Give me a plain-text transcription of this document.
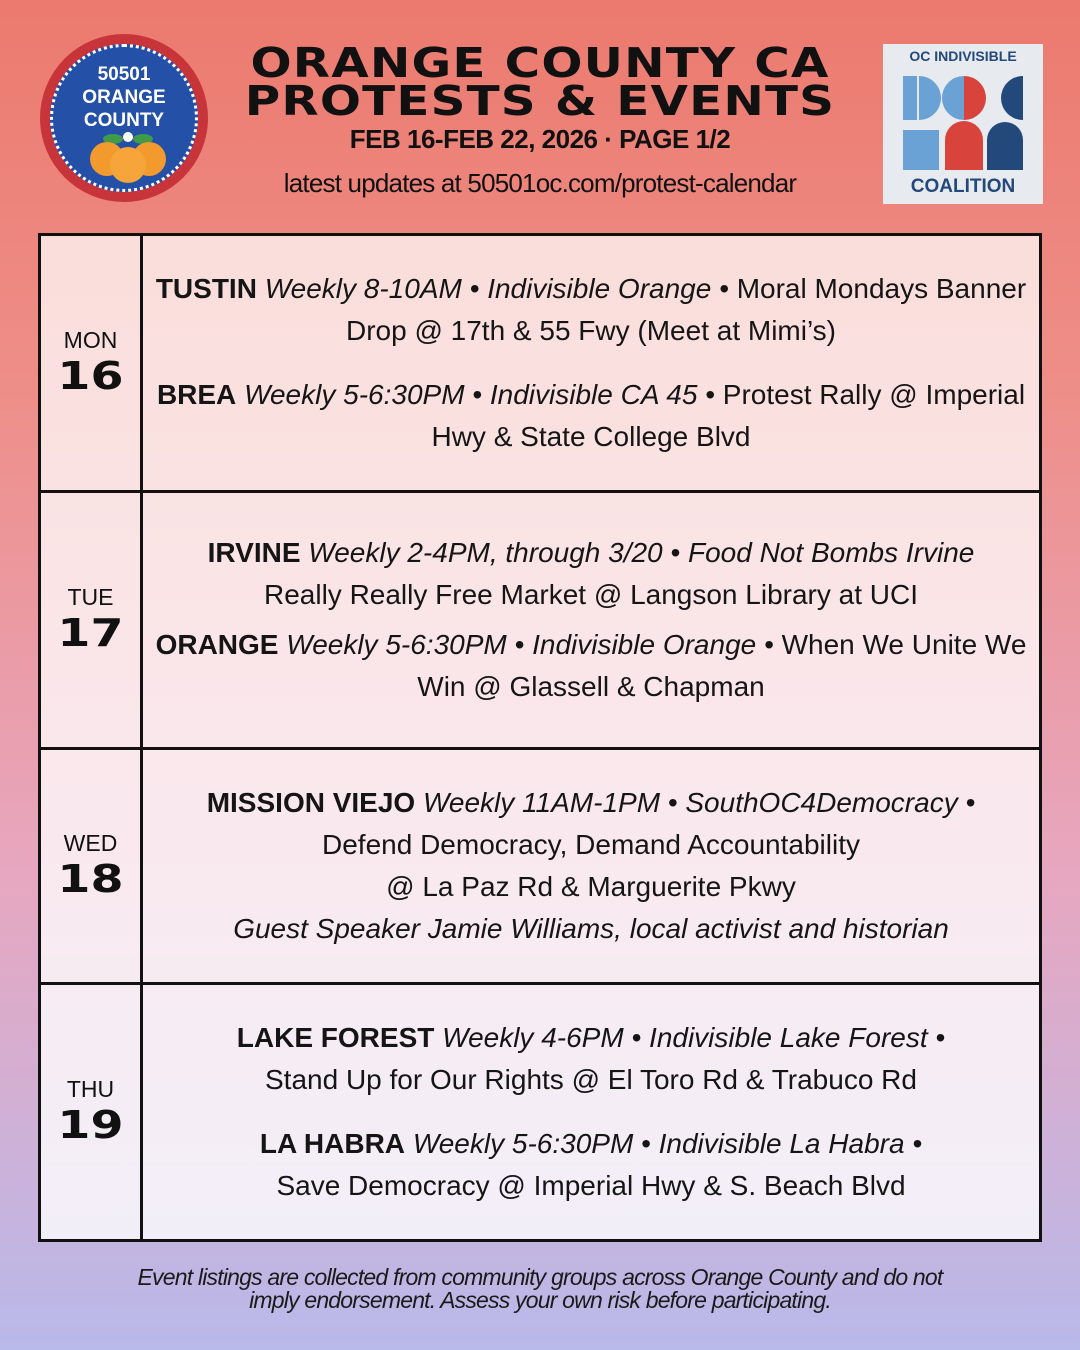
50501
ORANGE
COUNTY
ORANGE COUNTY CA
PROTESTS & EVENTS
FEB 16-FEB 22, 2026 · PAGE 1/2
latest updates at 50501oc.com/protest-calendar
OC INDIVISIBLE
COALITION
MON
16
TUSTIN Weekly 8-10AM • Indivisible Orange • Moral Mondays Banner Drop @ 17th & 55 Fwy (Meet at Mimi’s)
BREA Weekly 5-6:30PM • Indivisible CA 45 • Protest Rally @ Imperial Hwy & State College Blvd
TUE
17
IRVINE Weekly 2-4PM, through 3/20 • Food Not Bombs Irvine
Really Really Free Market @ Langson Library at UCI
ORANGE Weekly 5-6:30PM • Indivisible Orange • When We Unite We Win @ Glassell & Chapman
WED
18
MISSION VIEJO Weekly 11AM-1PM • SouthOC4Democracy •
Defend Democracy, Demand Accountability
@ La Paz Rd & Marguerite Pkwy
Guest Speaker Jamie Williams, local activist and historian
THU
19
LAKE FOREST Weekly 4-6PM • Indivisible Lake Forest •
Stand Up for Our Rights @ El Toro Rd & Trabuco Rd
LA HABRA Weekly 5-6:30PM • Indivisible La Habra •
Save Democracy @ Imperial Hwy & S. Beach Blvd
Event listings are collected from community groups across Orange County and do not
imply endorsement. Assess your own risk before participating.
